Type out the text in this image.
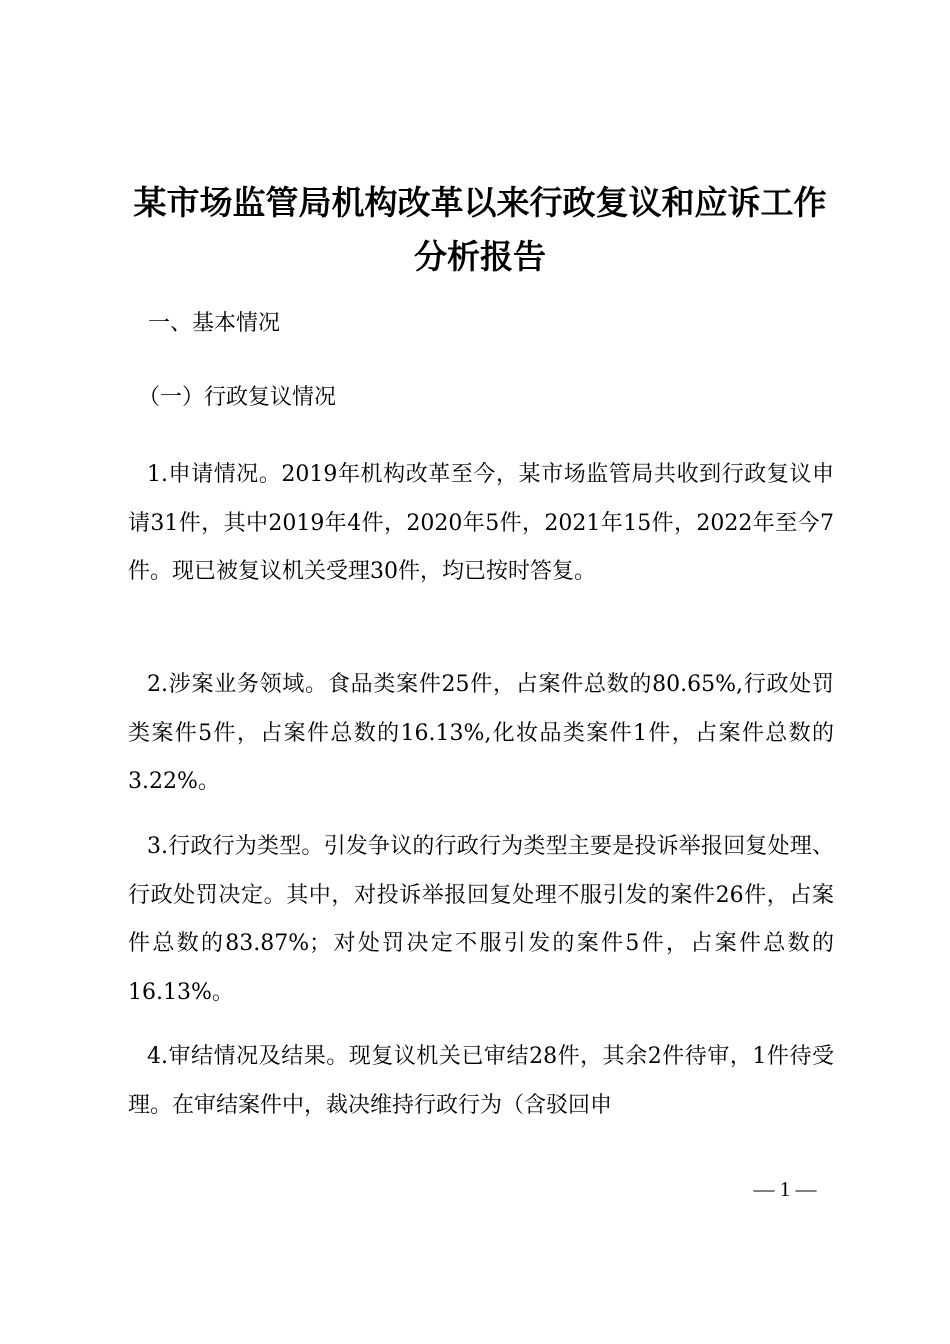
某市场监管局机构改革以来行政复议和应诉工作分析报告
一、基本情况
（一）行政复议情况

1.申请情况。2019年机构改革至今，某市场监管局共收到行政复议申请31件，其中2019年4件，2020年5件，2021年15件，2022年至今7件。现已被复议机关受理30件，均已按时答复。

2.涉案业务领域。食品类案件25件，占案件总数的80.65%,行政处罚类案件5件，占案件总数的16.13%,化妆品类案件1件，占案件总数的3.22%。

3.行政行为类型。引发争议的行政行为类型主要是投诉举报回复处理、行政处罚决定。其中，对投诉举报回复处理不服引发的案件26件，占案件总数的83.87%；对处罚决定不服引发的案件5件，占案件总数的16.13%。

4.审结情况及结果。现复议机关已审结28件，其余2件待审，1件待受理。在审结案件中，裁决维持行政行为（含驳回申

— 1 —
